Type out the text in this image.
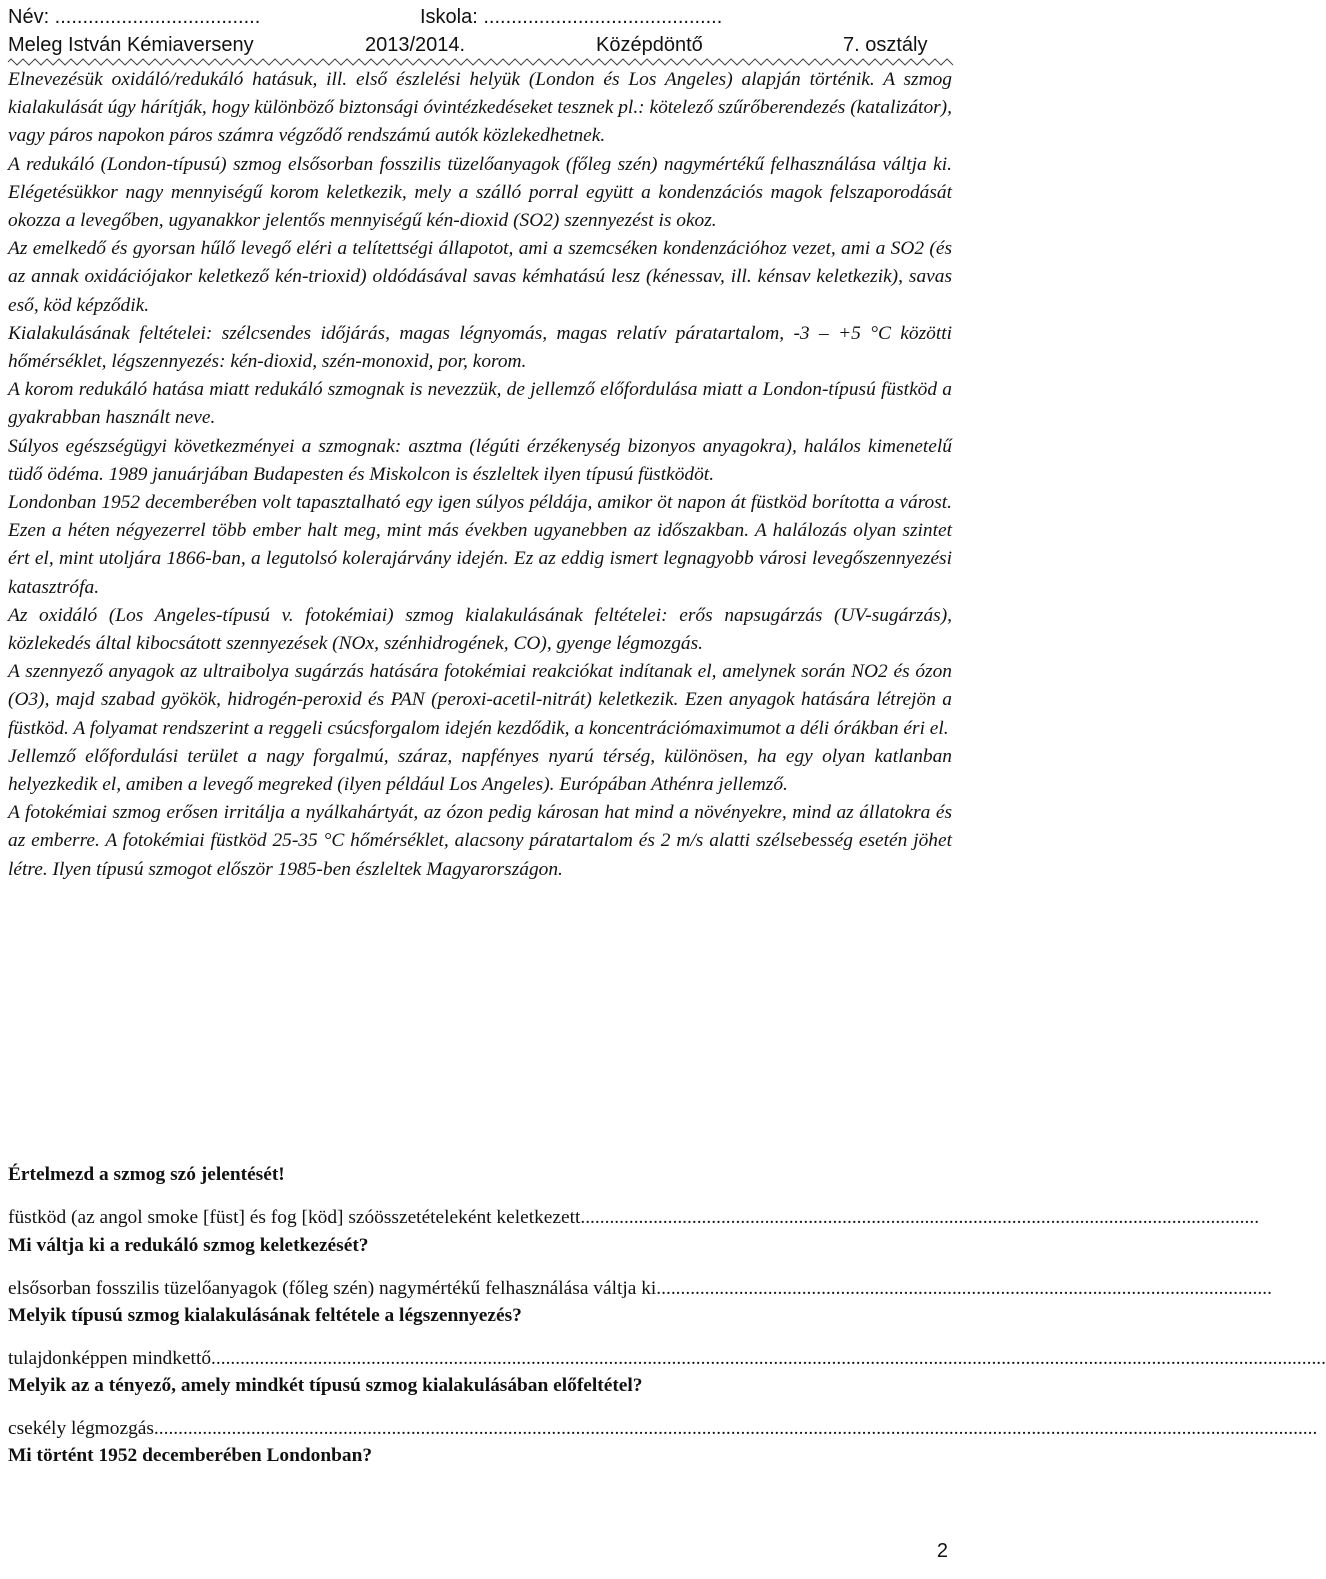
Név: .....................................

	Iskola: ...........................................

Meleg István Kémiaverseny

	2013/2014.

	Középdöntő

	7. osztály

Elnevezésük oxidáló/redukáló hatásuk, ill. első észlelési helyük (London és Los Angeles) alapján történik. A szmog kialakulását úgy hárítják, hogy különböző biztonsági óvintézkedéseket tesznek pl.: kötelező szűrőberendezés (katalizátor), vagy páros napokon páros számra végződő rendszámú autók közlekedhetnek.

A redukáló (London-típusú) szmog elsősorban fosszilis tüzelőanyagok (főleg szén) nagymértékű felhasználása váltja ki. Elégetésükkor nagy mennyiségű korom keletkezik, mely a szálló porral együtt a kondenzációs magok felszaporodását okozza a levegőben, ugyanakkor jelentős mennyiségű kén-dioxid (SO2) szennyezést is okoz.

Az emelkedő és gyorsan hűlő levegő eléri a telítettségi állapotot, ami a szemcséken kondenzációhoz vezet, ami a SO2 (és az annak oxidációjakor keletkező kén-trioxid) oldódásával savas kémhatású lesz (kénessav, ill. kénsav keletkezik), savas eső, köd képződik.

Kialakulásának feltételei: szélcsendes időjárás, magas légnyomás, magas relatív páratartalom, -3 – +5 °C közötti hőmérséklet, légszennyezés: kén-dioxid, szén-monoxid, por, korom.

A korom redukáló hatása miatt redukáló szmognak is nevezzük, de jellemző előfordulása miatt a London-típusú füstköd a gyakrabban használt neve.

Súlyos egészségügyi következményei a szmognak: asztma (légúti érzékenység bizonyos anyagokra), halálos kimenetelű tüdő ödéma. 1989 januárjában Budapesten és Miskolcon is észleltek ilyen típusú füstködöt.

Londonban 1952 decemberében volt tapasztalható egy igen súlyos példája, amikor öt napon át füstköd borította a várost. Ezen a héten négyezerrel több ember halt meg, mint más években ugyanebben az időszakban. A halálozás olyan szintet ért el, mint utoljára 1866-ban, a legutolsó kolerajárvány idején. Ez az eddig ismert legnagyobb városi levegőszennyezési katasztrófa.

Az oxidáló (Los Angeles-típusú v. fotokémiai) szmog kialakulásának feltételei: erős napsugárzás (UV-sugárzás), közlekedés által kibocsátott szennyezések (NOx, szénhidrogének, CO), gyenge légmozgás.

A szennyező anyagok az ultraibolya sugárzás hatására fotokémiai reakciókat indítanak el, amelynek során NO2 és ózon (O3), majd szabad gyökök, hidrogén-peroxid és PAN (peroxi-acetil-nitrát) keletkezik. Ezen anyagok hatására létrejön a füstköd. A folyamat rendszerint a reggeli csúcsforgalom idején kezdődik, a koncentrációmaximumot a déli órákban éri el.

Jellemző előfordulási terület a nagy forgalmú, száraz, napfényes nyarú térség, különösen, ha egy olyan katlanban helyezkedik el, amiben a levegő megreked (ilyen például Los Angeles). Európában Athénra jellemző.

A fotokémiai szmog erősen irritálja a nyálkahártyát, az ózon pedig károsan hat mind a növényekre, mind az állatokra és az emberre. A fotokémiai füstköd 25-35 °C hőmérséklet, alacsony páratartalom és 2 m/s alatti szélsebesség esetén jöhet létre. Ilyen típusú szmogot először 1985-ben észleltek Magyarországon.

Értelmezd a szmog szó jelentését!
füstköd (az angol smoke [füst] és fog [köd] szóösszetételeként keletkezett............................................................................................................................................
Mi váltja ki a redukáló szmog keletkezését?
elsősorban fosszilis tüzelőanyagok (főleg szén) nagymértékű felhasználása váltja ki...............................................................................................................................
Melyik típusú szmog kialakulásának feltétele a légszennyezés?
tulajdonképpen mindkettő......................................................................................................................................................................................................................................
Melyik az a tényező, amely mindkét típusú szmog kialakulásában előfeltétel?
csekély légmozgás................................................................................................................................................................................................................................................
Mi történt 1952 decemberében Londonban?
2
